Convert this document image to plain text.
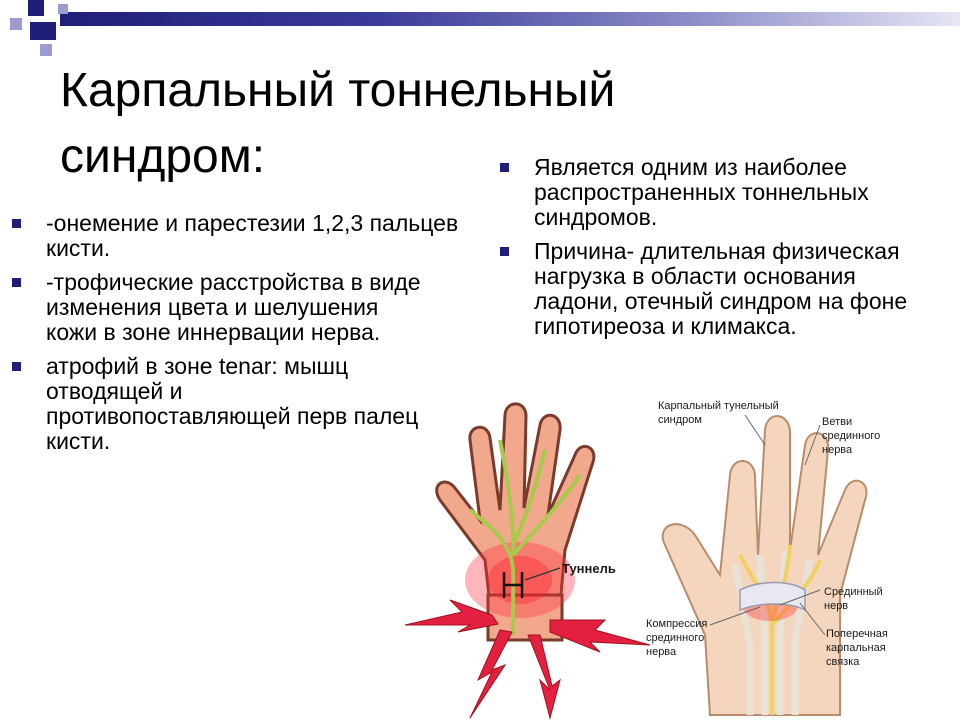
Карпальный тоннельный синдром:
-онемение и парестезии 1,2,3 пальцев кисти.
-трофические расстройства в виде изменения цвета и шелушения кожи в зоне иннервации нерва.
атрофий в зоне tenar: мышц отводящей и противопоставляющей перв палец кисти.
Является одним из наиболее распространенных тоннельных синдромов.
Причина- длительная физическая нагрузка в области основания ладони, отечный синдром на фоне гипотиреоза и климакса.
Туннель
Карпальный тунельный
синдром	Ветви
срединного
нерва
Срединный
нерв
Компрессия
срединного
нерва
Поперечная
карпальная
связка
